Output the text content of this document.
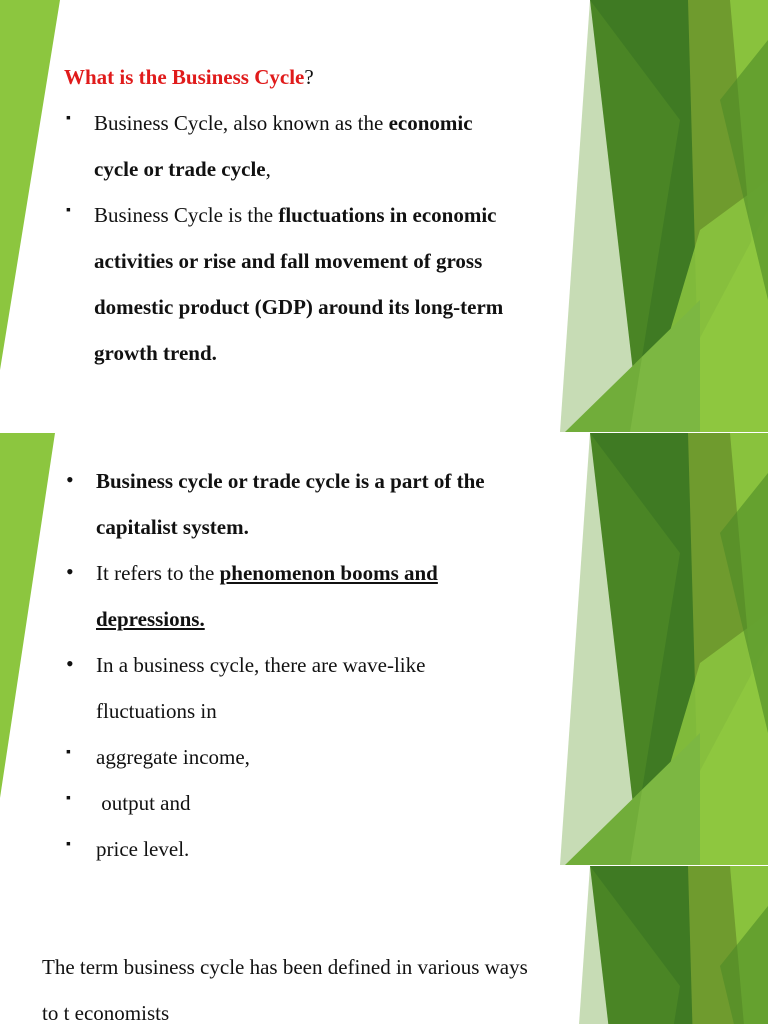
What is the Business Cycle?
▪ Business Cycle, also known as the economic
cycle or trade cycle,
▪ Business Cycle is the fluctuations in economic
activities or rise and fall movement of gross
domestic product (GDP) around its long-term
growth trend.
• Business cycle or trade cycle is a part of the
capitalist system.
• It refers to the phenomenon booms and
depressions.
• In a business cycle, there are wave-like
fluctuations in
▪ aggregate income,
▪ output and
▪ price level.
The term business cycle has been defined in various ways
to t economists
